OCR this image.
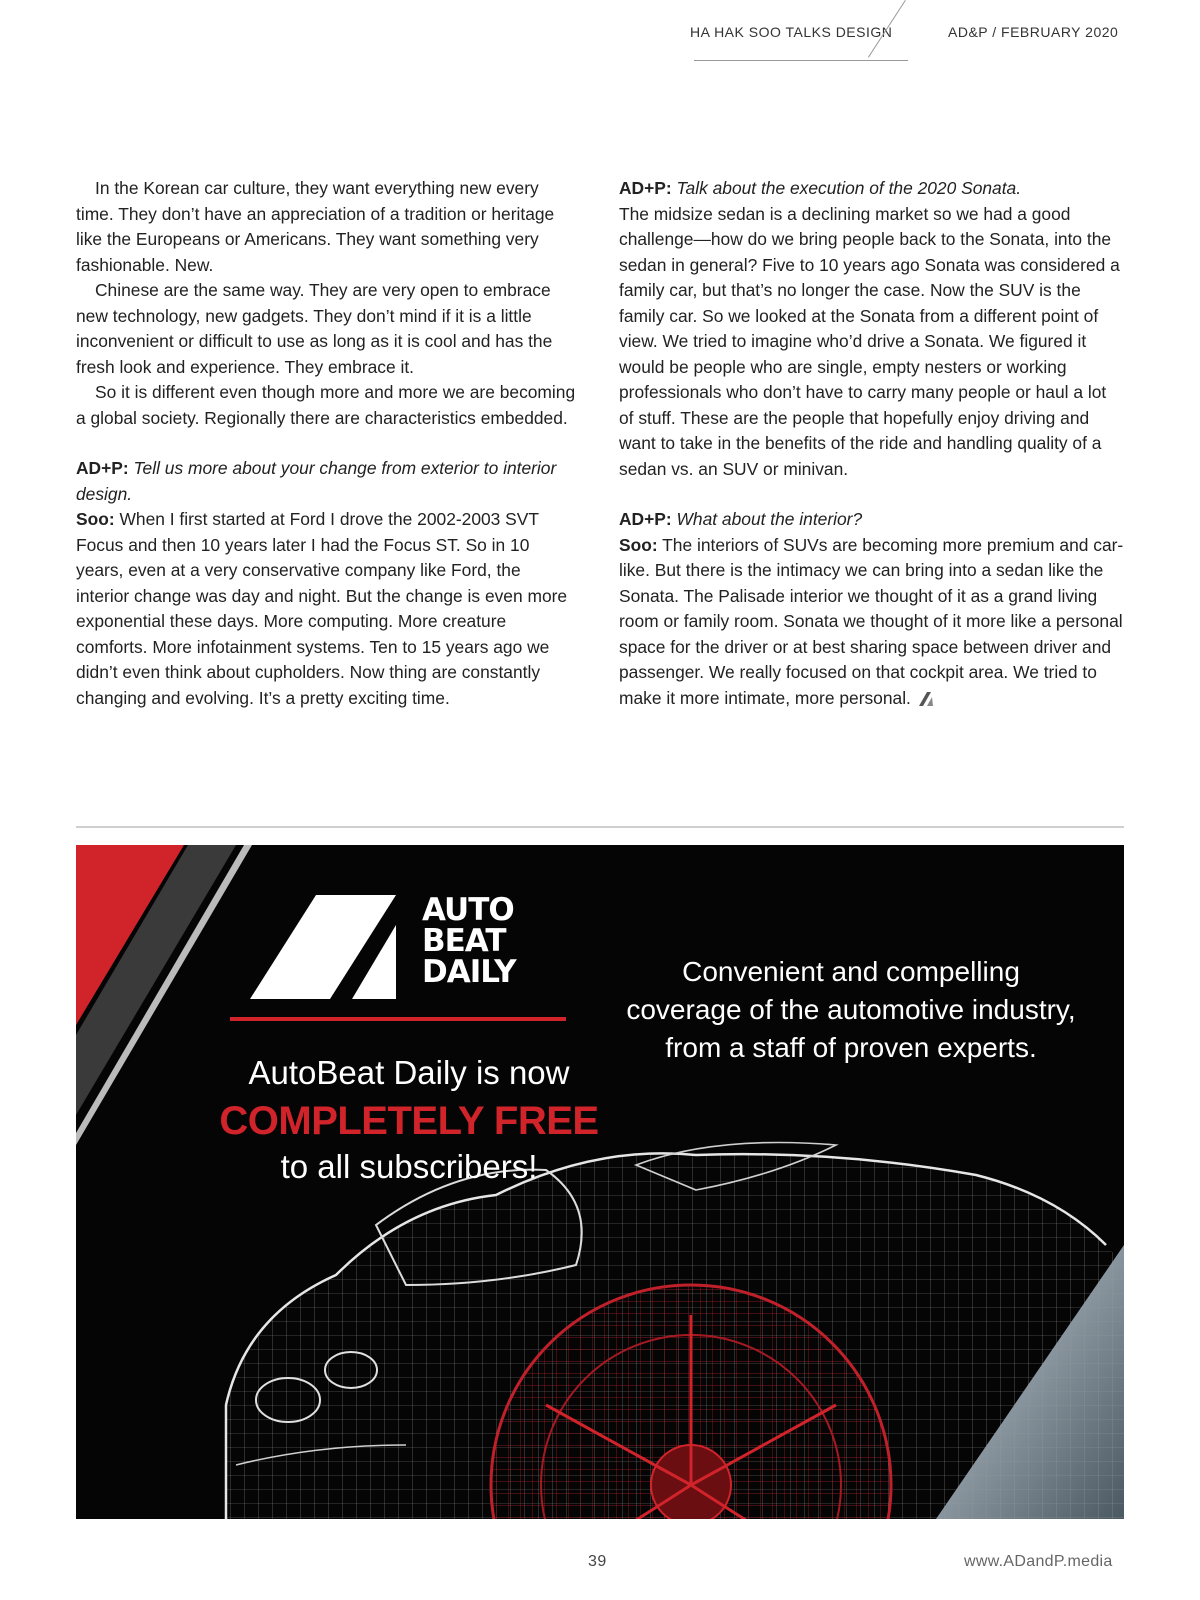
HA HAK SOO TALKS DESIGN	AD&P / FEBRUARY 2020

In the Korean car culture, they want everything new every time. They don’t have an appreciation of a tradition or heritage like the Europeans or Americans. They want something very fashionable. New.

Chinese are the same way. They are very open to embrace new technology, new gadgets. They don’t mind if it is a little inconvenient or difficult to use as long as it is cool and has the fresh look and experience. They embrace it.

So it is different even though more and more we are becoming a global society. Regionally there are characteristics embedded.

AD+P: Tell us more about your change from exterior to interior design.

Soo: When I first started at Ford I drove the 2002-2003 SVT Focus and then 10 years later I had the Focus ST. So in 10 years, even at a very conservative company like Ford, the interior change was day and night. But the change is even more exponential these days. More computing. More creature comforts. More infotainment systems. Ten to 15 years ago we didn’t even think about cupholders. Now thing are constantly changing and evolving. It’s a pretty exciting time.

AD+P: Talk about the execution of the 2020 Sonata.

The midsize sedan is a declining market so we had a good challenge—how do we bring people back to the Sonata, into the sedan in general? Five to 10 years ago Sonata was considered a family car, but that’s no longer the case. Now the SUV is the family car. So we looked at the Sonata from a different point of view. We tried to imagine who’d drive a Sonata. We figured it would be people who are single, empty nesters or working professionals who don’t have to carry many people or haul a lot of stuff. These are the people that hopefully enjoy driving and want to take in the benefits of the ride and handling quality of a sedan vs. an SUV or minivan.

AD+P: What about the interior?

Soo: The interiors of SUVs are becoming more premium and car-like. But there is the intimacy we can bring into a sedan like the Sonata. The Palisade interior we thought of it as a grand living room or family room. Sonata we thought of it more like a personal space for the driver or at best sharing space between driver and passenger. We really focused on that cockpit area. We tried to make it more intimate, more personal.

AUTO
BEAT
DAILY
AutoBeat Daily is now
COMPLETELY FREE
to all subscribers!
Convenient and compelling
coverage of the automotive industry,
from a staff of proven experts.
39	www.ADandP.media
